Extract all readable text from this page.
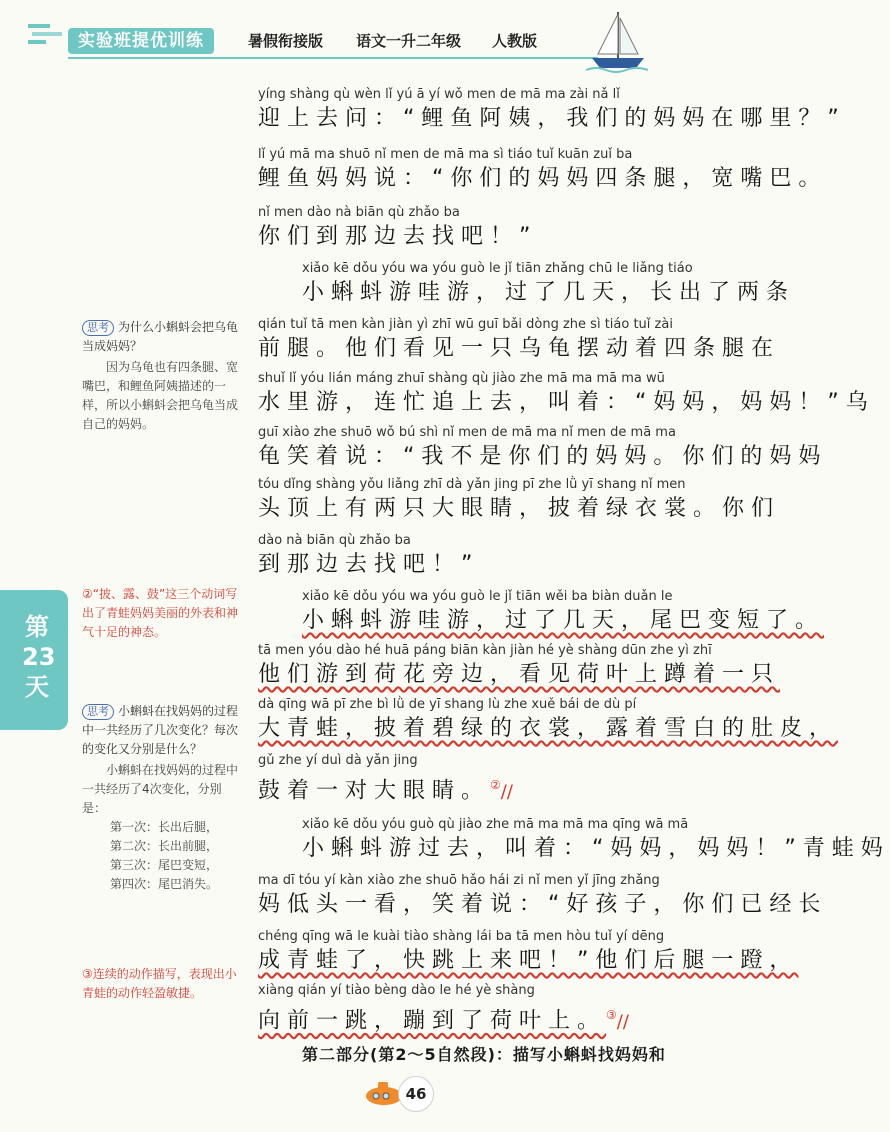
实验班提优训练	暑假衔接版 语文一升二年级 人教版
思考 为什么小蝌蚪会把乌龟当成妈妈？
因为乌龟也有四条腿、宽嘴巴，和鲤鱼阿姨描述的一样，所以小蝌蚪会把乌龟当成自己的妈妈。
②“披、露、鼓”这三个动词写出了青蛙妈妈美丽的外表和神气十足的神态。
思考 小蝌蚪在找妈妈的过程中一共经历了几次变化？每次的变化又分别是什么？
小蝌蚪在找妈妈的过程中一共经历了4次变化，分别是：
第一次：长出后腿，
第二次：长出前腿，
第三次：尾巴变短，
第四次：尾巴消失。
③连续的动作描写，表现出小青蛙的动作轻盈敏捷。
第23天
yíng shàng qù wèn lǐ yú ā yí wǒ men de mā ma zài nǎ lǐ
迎上去问：“鲤鱼阿姨，我们的妈妈在哪里？”
lǐ yú mā ma shuō nǐ men de mā ma sì tiáo tuǐ kuān zuǐ ba
鲤鱼妈妈说：“你们的妈妈四条腿，宽嘴巴。
nǐ men dào nà biān qù zhǎo ba
你们到那边去找吧！”
xiǎo kē dǒu yóu wa yóu guò le jǐ tiān zhǎng chū le liǎng tiáo
小蝌蚪游哇游，过了几天，长出了两条
qián tuǐ tā men kàn jiàn yì zhī wū guī bǎi dòng zhe sì tiáo tuǐ zài
前腿。他们看见一只乌龟摆动着四条腿在
shuǐ lǐ yóu lián máng zhuī shàng qù jiào zhe mā ma mā ma wū
水里游，连忙追上去，叫着：“妈妈，妈妈！”乌
guī xiào zhe shuō wǒ bú shì nǐ men de mā ma nǐ men de mā ma
龟笑着说：“我不是你们的妈妈。你们的妈妈
tóu dǐng shàng yǒu liǎng zhī dà yǎn jing pī zhe lǜ yī shang nǐ men
头顶上有两只大眼睛，披着绿衣裳。你们
dào nà biān qù zhǎo ba
到那边去找吧！”
xiǎo kē dǒu yóu wa yóu guò le jǐ tiān wěi ba biàn duǎn le
小蝌蚪游哇游，过了几天，尾巴变短了。
tā men yóu dào hé huā páng biān kàn jiàn hé yè shàng dūn zhe yì zhī
他们游到荷花旁边，看见荷叶上蹲着一只
dà qīng wā pī zhe bì lǜ de yī shang lù zhe xuě bái de dù pí
大青蛙，披着碧绿的衣裳，露着雪白的肚皮，
gǔ zhe yí duì dà yǎn jing
鼓着一对大眼睛。②//
xiǎo kē dǒu yóu guò qù jiào zhe mā ma mā ma qīng wā mā
小蝌蚪游过去，叫着：“妈妈，妈妈！”青蛙妈
ma dī tóu yí kàn xiào zhe shuō hǎo hái zi nǐ men yǐ jīng zhǎng
妈低头一看，笑着说：“好孩子，你们已经长
chéng qīng wā le kuài tiào shàng lái ba tā men hòu tuǐ yí dēng
成青蛙了，快跳上来吧！”他们后腿一蹬，
xiàng qián yí tiào bèng dào le hé yè shàng
向前一跳，蹦到了荷叶上。③//
第二部分(第2～5自然段)：描写小蝌蚪找妈妈和
46
